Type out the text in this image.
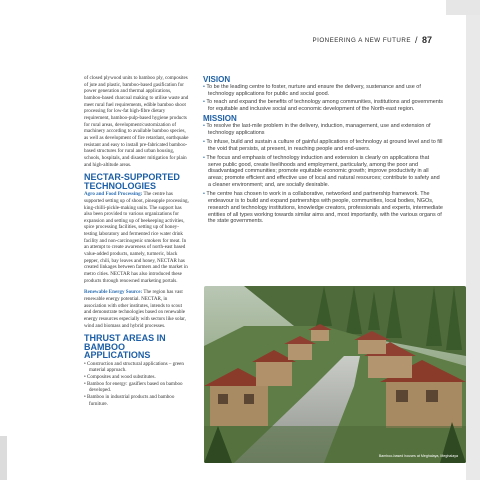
PIONEERING A NEW FUTURE / 87

of closed plywood units to bamboo ply, composites of jute and plastic, bamboo-based gasification for power generation and thermal applications, bamboo-based charcoal making to utilise waste and meet rural fuel requirements, edible bamboo shoot processing for low-fat high-fibre dietary requirement, bamboo-pulp-based hygiene products for rural areas, development/customization of machinery according to available bamboo species, as well as development of fire retardant, earthquake resistant and easy to install pre-fabricated bamboo-based structures for rural and urban housing, schools, hospitals, and disaster mitigation for plain and high-altitude areas.

NECTAR-SUPPORTED TECHNOLOGIES

Agro and Food Processing: The centre has supported setting up of shoot, pineapple processing, king-chilli-pickle-making units. The support has also been provided to various organizations for expansion and setting up of beekeeping activities, spice processing facilities, setting up of honey-testing laboratory and fermented rice water drink facility and non-carcinogenic smokers for meat. In an attempt to create awareness of north-east based value-added products, namely, turmeric, black pepper, chili, bay leaves and honey, NECTAR has created linkages between farmers and the market in metro cities. NECTAR has also introduced these products through renowned marketing portals.

Renewable Energy Source: The region has vast renewable energy potential. NECTAR, in association with other institutes, intends to scout and demonstrate technologies based on renewable energy resources especially with sectors like solar, wind and biomass and hybrid processes.

THRUST AREAS IN BAMBOO APPLICATIONS
• Construction and structural applications – green material approach.
• Composites and wood substitutes.
• Bamboo for energy: gasifiers based on bamboo developed.
• Bamboo in industrial products and bamboo furniture.
VISION
• To be the leading centre to foster, nurture and ensure the delivery, sustenance and use of technology applications for public and social good.
• To reach and expand the benefits of technology among communities, institutions and governments for equitable and inclusive social and economic development of the North-east region.
MISSION
• To resolve the last-mile problem in the delivery, induction, management, use and extension of technology applications
• To infuse, build and sustain a culture of gainful applications of technology at ground level and to fill the void that persists, at present, in reaching people and end-users.
• The focus and emphasis of technology induction and extension is clearly on applications that serve public good, create livelihoods and employment, particularly, among the poor and disadvantaged communities; promote equitable economic growth; improve productivity in all areas; promote efficient and effective use of local and natural resources; contribute to safety and a cleaner environment; and, are socially desirable.
• The centre has chosen to work in a collaborative, networked and partnership framework. The endeavour is to build and expand partnerships with people, communities, local bodies, NGOs, research and technology institutions, knowledge creators, professionals and experts, intermediate entities of all types working towards similar aims and, most importantly, with the various organs of the state governments.
Bamboo-based houses at Meghalaya, Meghalaya
